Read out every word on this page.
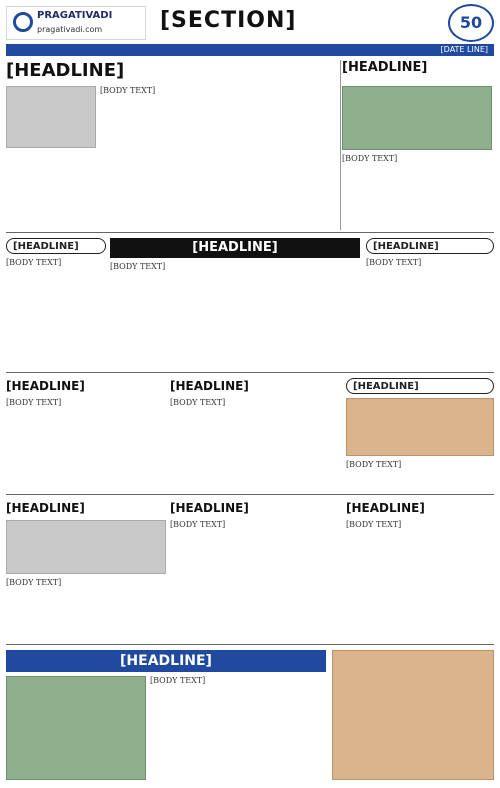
PRAGATIVADI
pragativadi.com	[SECTION]	50
[DATE LINE]
[HEADLINE]
[BODY TEXT]
[HEADLINE]
[BODY TEXT]
[HEADLINE]
[BODY TEXT]
[HEADLINE]
[BODY TEXT]
[HEADLINE]
[BODY TEXT]
[HEADLINE]
[BODY TEXT]
[HEADLINE]
[BODY TEXT]
[HEADLINE]
[BODY TEXT]
[HEADLINE]
[BODY TEXT]
[HEADLINE]
[BODY TEXT]
[HEADLINE]
[BODY TEXT]
[HEADLINE]
[BODY TEXT]
